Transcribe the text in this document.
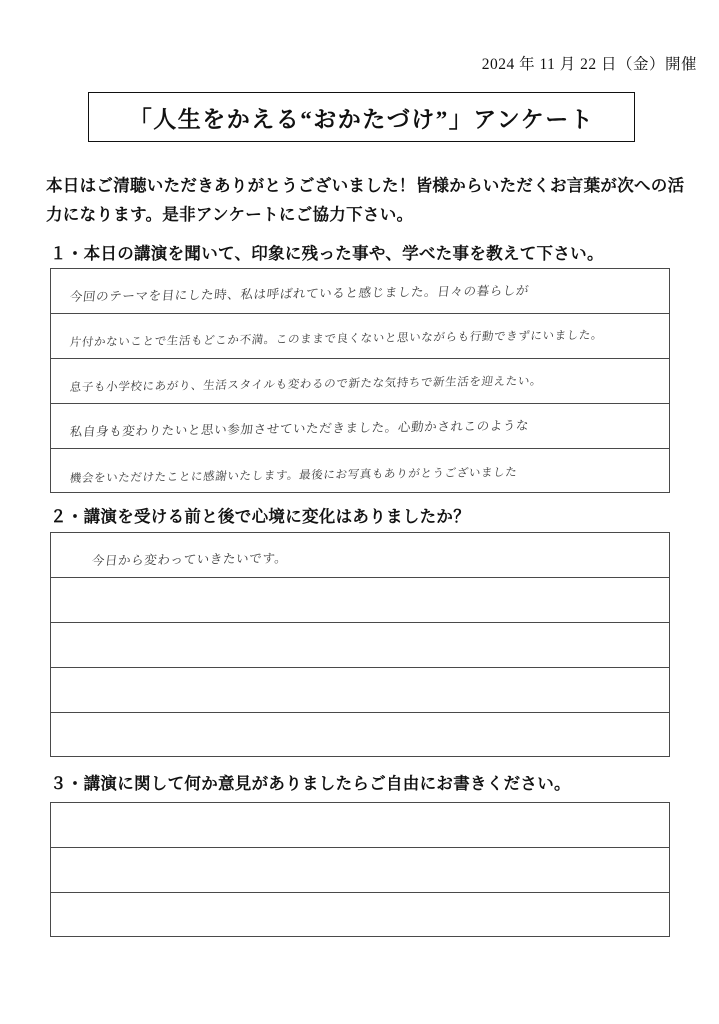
2024 年 11 月 22 日（金）開催
「人生をかえる“おかたづけ”」アンケート
本日はご清聴いただきありがとうございました！皆様からいただくお言葉が次への活力になります。是非アンケートにご協力下さい。
１・本日の講演を聞いて、印象に残った事や、学べた事を教えて下さい。
今回のテーマを目にした時、私は呼ばれていると感じました。日々の暮らしが
片付かないことで生活もどこか不満。このままで良くないと思いながらも行動できずにいました。
息子も小学校にあがり、生活スタイルも変わるので新たな気持ちで新生活を迎えたい。
私自身も変わりたいと思い参加させていただきました。心動かされこのような
機会をいただけたことに感謝いたします。最後にお写真もありがとうございました
２・講演を受ける前と後で心境に変化はありましたか？
今日から変わっていきたいです。
３・講演に関して何か意見がありましたらご自由にお書きください。
